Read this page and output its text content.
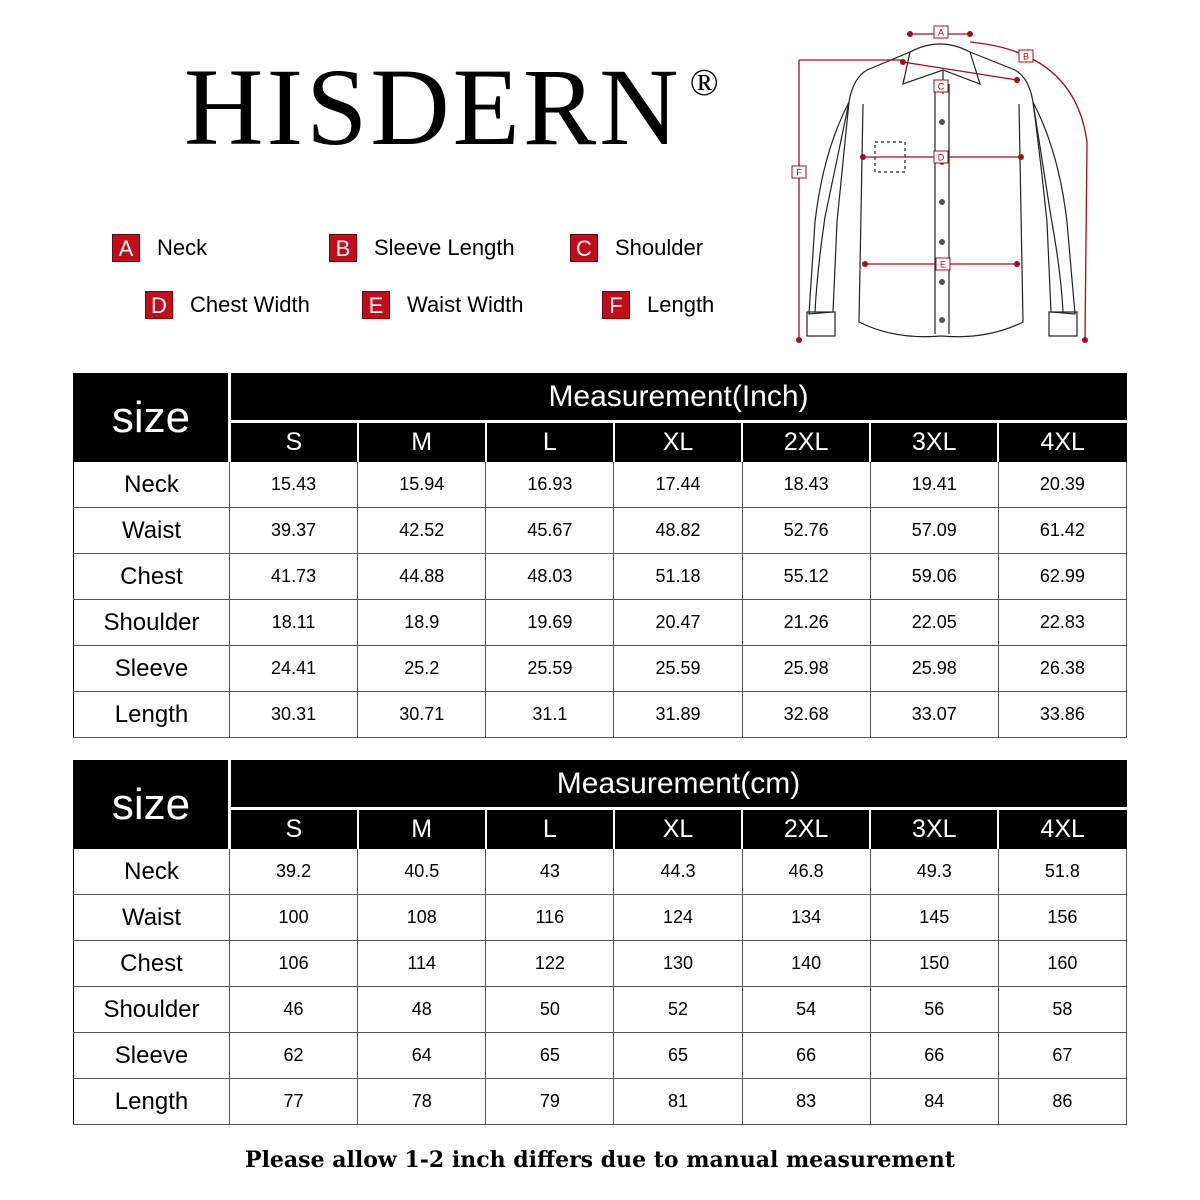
HISDERN ®
A	Neck	B	Sleeve Length	C Shoulder
D Chest Width	E	Waist Width	F	Length
A
B
C
D
E
F
size	Measurement(Inch)						
	S	M	L	XL	2XL	3XL	4XL
Neck	15.43	15.94	16.93	17.44	18.43	19.41	20.39
Waist	39.37	42.52	45.67	48.82	52.76	57.09	61.42
Chest	41.73	44.88	48.03	51.18	55.12	59.06	62.99
Shoulder	18.11	18.9	19.69	20.47	21.26	22.05	22.83
Sleeve	24.41	25.2	25.59	25.59	25.98	25.98	26.38
Length	30.31	30.71	31.1	31.89	32.68	33.07	33.86
size	Measurement(cm)						
	S	M	L	XL	2XL	3XL	4XL
Neck	39.2	40.5	43	44.3	46.8	49.3	51.8
Waist	100	108	116	124	134	145	156
Chest	106	114	122	130	140	150	160
Shoulder	46	48	50	52	54	56	58
Sleeve	62	64	65	65	66	66	67
Length	77	78	79	81	83	84	86
Please allow 1-2 inch differs due to manual measurement
